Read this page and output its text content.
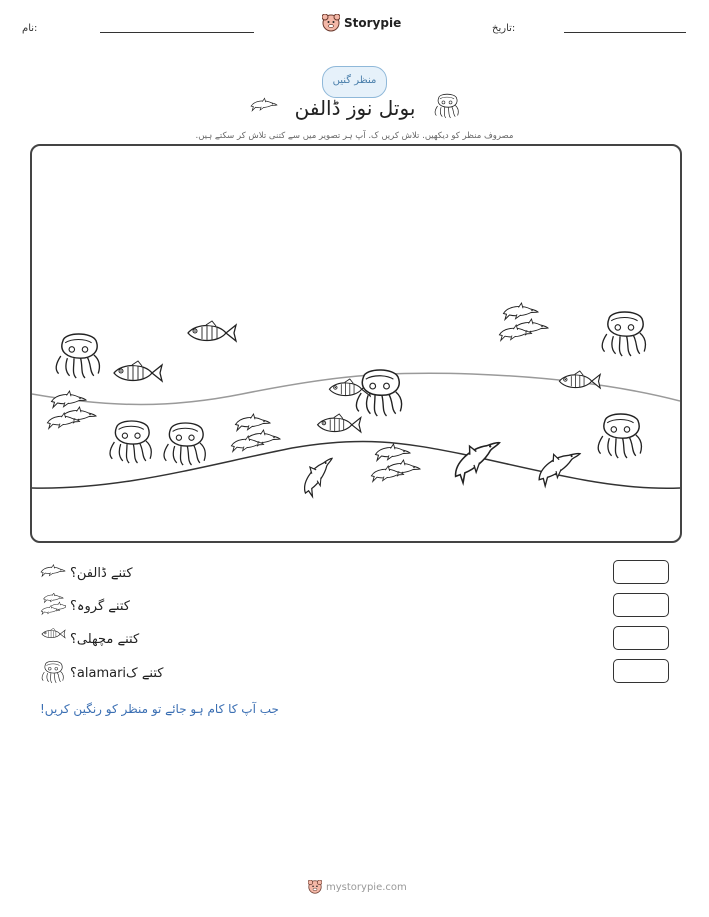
نام:	Storypie	تاریخ:
منظر گنیں
بوتل نوز ڈالفن
مصروف منظر کو دیکھیں. تلاش کریں ک. آپ ہر تصویر میں سے کتنی تلاش کر سکتے ہیں.
کتنے ڈالفن؟
کتنے گروہ؟
کتنے مچھلی؟
کتنے کalamari؟
جب آپ کا کام ہو جائے تو منظر کو رنگین کریں!
mystorypie.com
